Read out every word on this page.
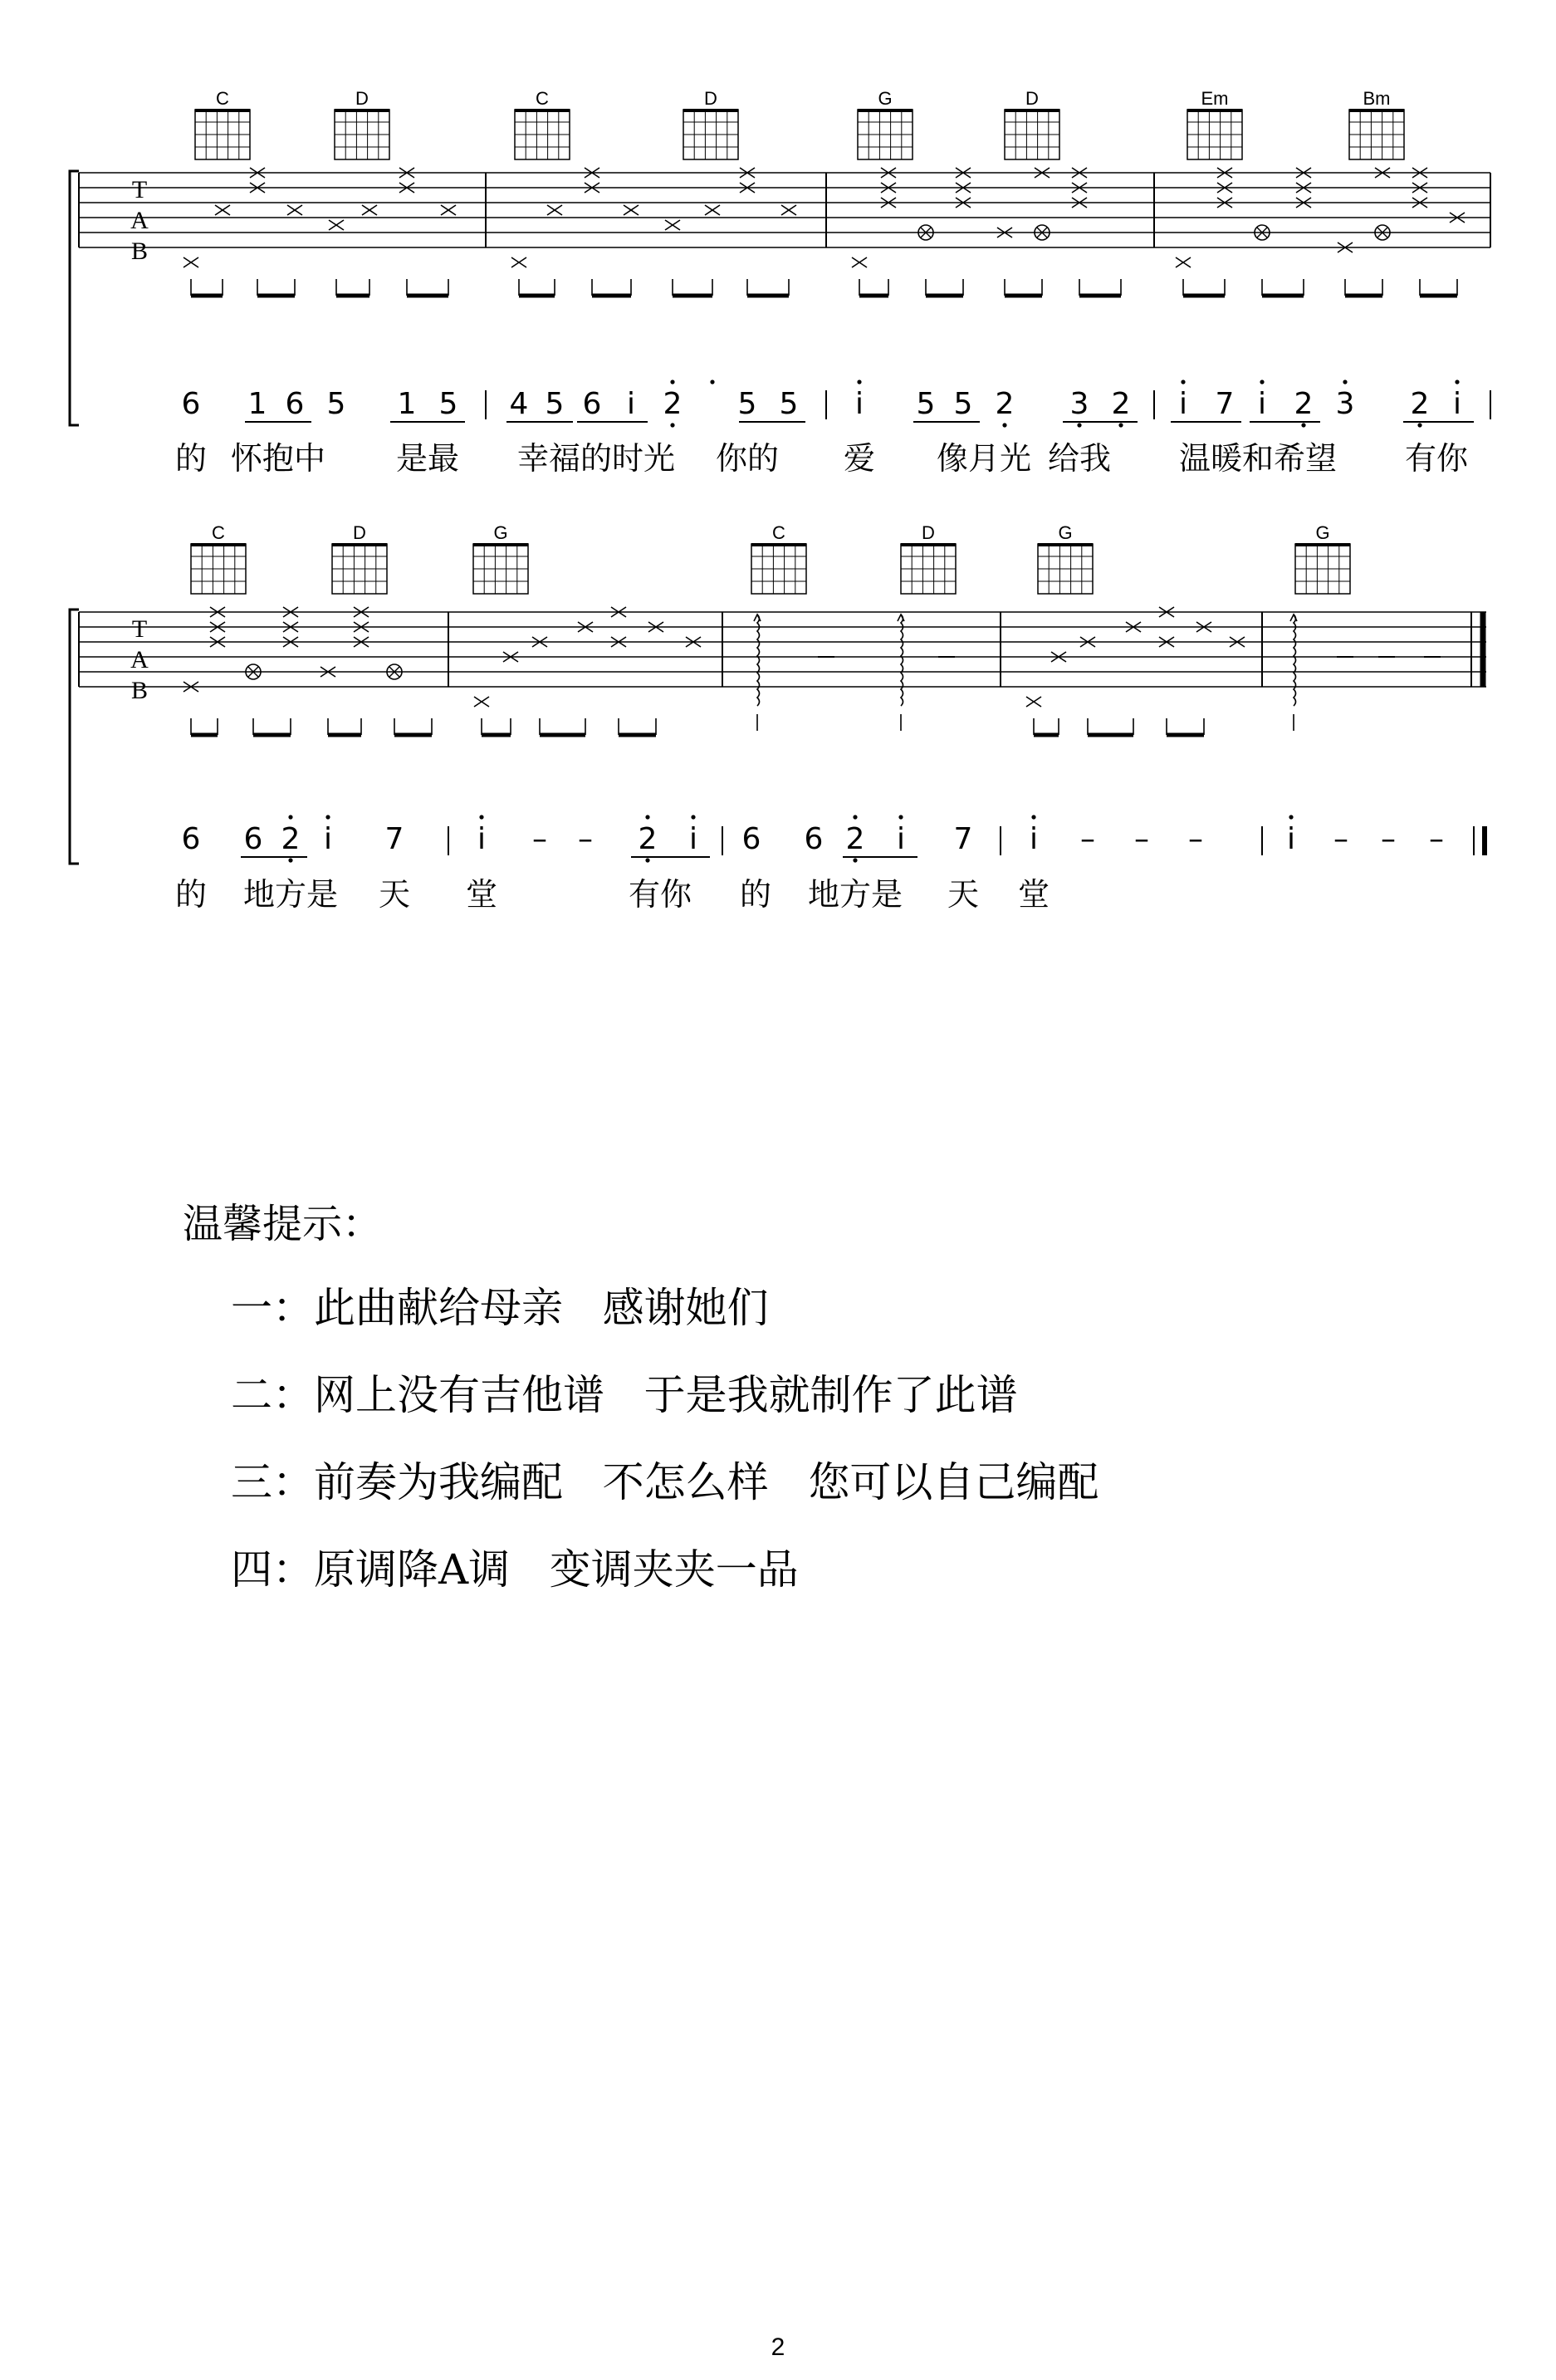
C	D	C	D	G	D	Em	Bm
C	D	G	C	D	G	G
T
A
B
6 1 6 5 1 5 4 5 6 i 2 5 5 i 5 5 2 3 2 i 7 i 2 3 2 i
的 怀抱中 是最 幸福的时光 你的 爱 像月光 给我 温暖和希望 有你
T
A
B
6 6 2 i 7 i – – 2 i 6 6 2 i 7 i – – –	i – – –
的 地方是 天 堂	有你 的 地方是 天 堂
温馨提示：
一：此曲献给母亲   感谢她们
二：网上没有吉他谱   于是我就制作了此谱
三：前奏为我编配   不怎么样   您可以自己编配
四：原调降A调   变调夹夹一品
2
